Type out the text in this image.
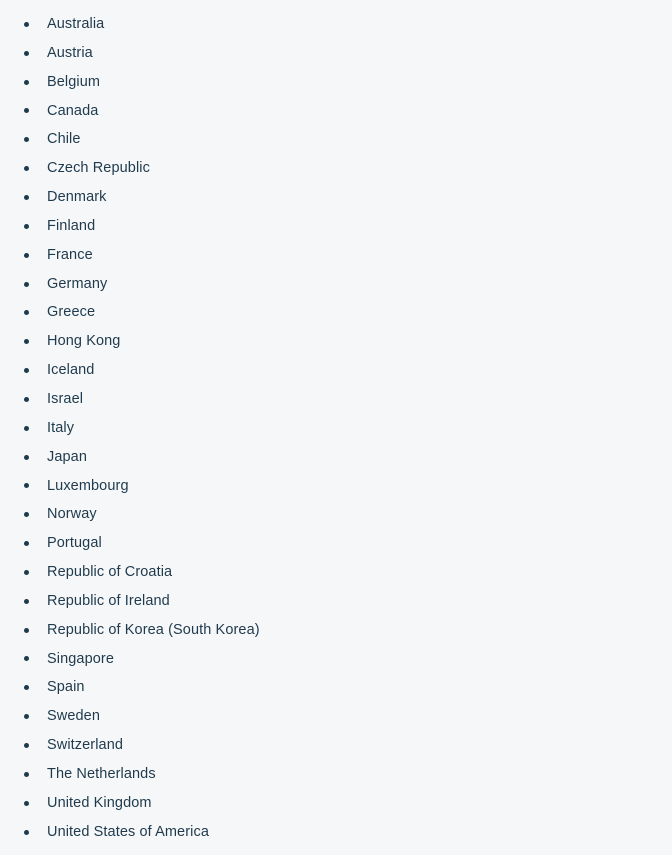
Australia
Austria
Belgium
Canada
Chile
Czech Republic
Denmark
Finland
France
Germany
Greece
Hong Kong
Iceland
Israel
Italy
Japan
Luxembourg
Norway
Portugal
Republic of Croatia
Republic of Ireland
Republic of Korea (South Korea)
Singapore
Spain
Sweden
Switzerland
The Netherlands
United Kingdom
United States of America
